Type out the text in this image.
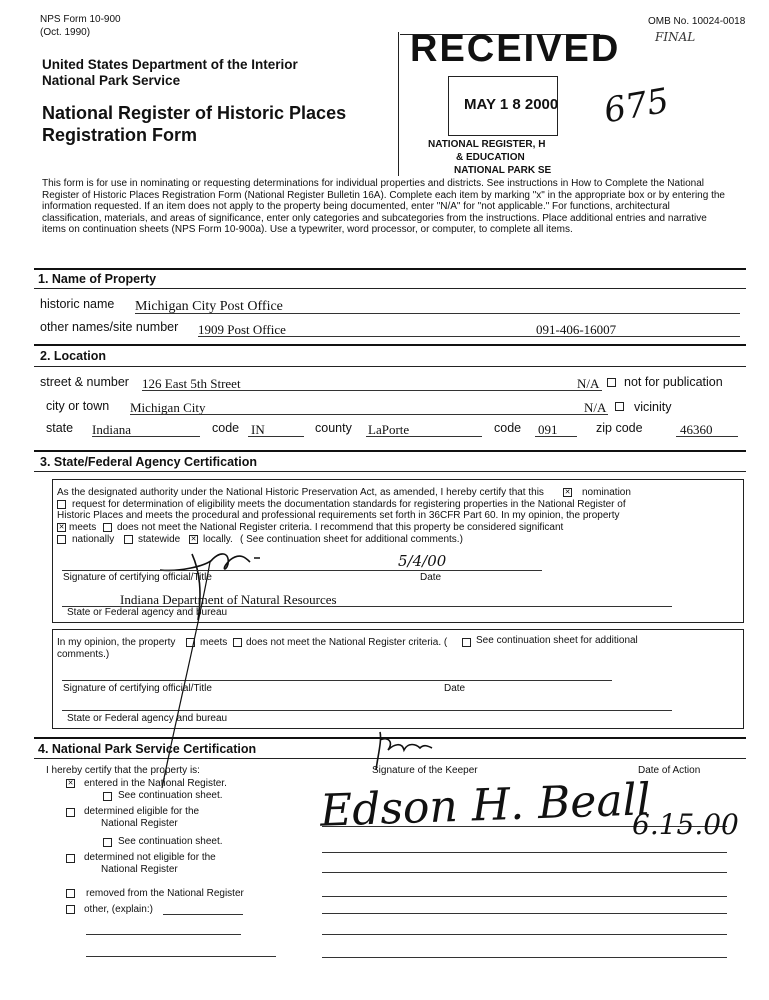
NPS Form 10-900
(Oct. 1990)
OMB No. 10024-0018
FINAL
United States Department of the Interior
National Park Service
National Register of Historic Places
Registration Form
RECEIVED
MAY 1 8 2000
NATIONAL REGISTER, H
& EDUCATION
NATIONAL PARK SE
675
This form is for use in nominating or requesting determinations for individual properties and districts. See instructions in How to Complete the National Register of Historic Places Registration Form (National Register Bulletin 16A). Complete each item by marking "x" in the appropriate box or by entering the information requested. If an item does not apply to the property being documented, enter "N/A" for "not applicable." For functions, architectural classification, materials, and areas of significance, enter only categories and subcategories from the instructions. Place additional entries and narrative items on continuation sheets (NPS Form 10-900a). Use a typewriter, word processor, or computer, to complete all items.
1. Name of Property
historic name Michigan City Post Office
other names/site number 1909 Post Office	091-406-16007
2. Location
street & number 126 East 5th Street	N/A not for publication
city or town Michigan City	N/A vicinity
state Indiana	code IN	county LaPorte	code 091	zip code	46360
3. State/Federal Agency Certification
As the designated authority under the National Historic Preservation Act, as amended, I hereby certify that this ✕	nomination
request for determination of eligibility meets the documentation standards for registering properties in the National Register of
Historic Places and meets the procedural and professional requirements set forth in 36CFR Part 60. In my opinion, the property
✕
meets does not meet the National Register criteria. I recommend that this property be considered significant
nationally statewide ✕ locally. ( See continuation sheet for additional comments.)
5/4/00
Signature of certifying official/Title	Date
Indiana Department of Natural Resources
State or Federal agency and bureau
In my opinion, the property meets does not meet the National Register criteria. (	See continuation sheet for additional
comments.)
Signature of certifying official/Title	Date
State or Federal agency and bureau
4. National Park Service Certification
I hereby certify that the property is:	Signature of the Keeper	Date of Action
✕
entered in the National Register.
See continuation sheet.
determined eligible for the
National Register
See continuation sheet.
determined not eligible for the
National Register
removed from the National Register
other, (explain:)
Edson H. Beall
6.15.00
